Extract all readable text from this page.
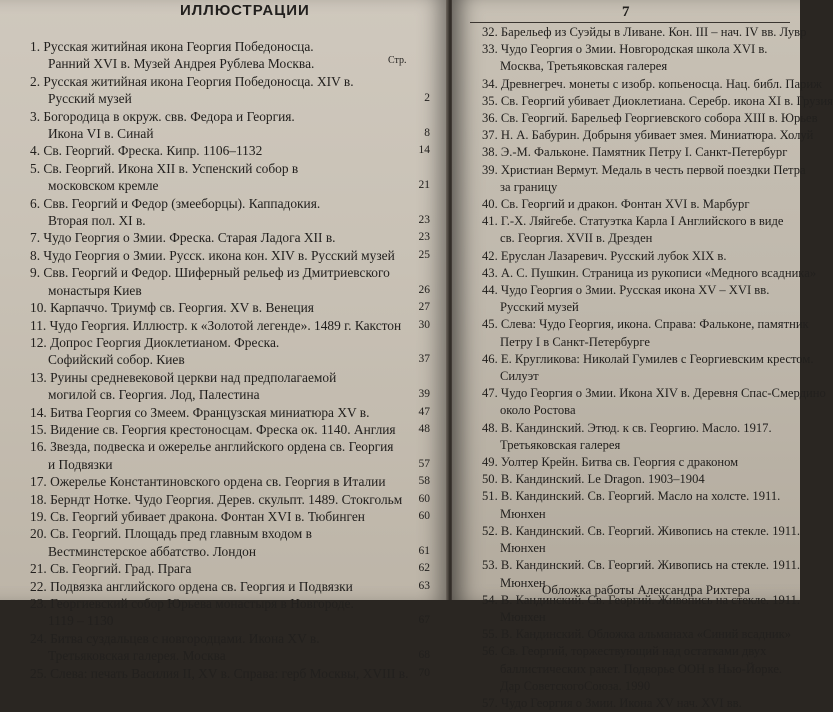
ИЛЛЮСТРАЦИИ
Стр.
1. Русская житийная икона Георгия Победоносца.
Ранний XVI в. Музей Андрея Рублева Москва.
2. Русская житийная икона Георгия Победоносца. XIV в.
Русский музей	2
3. Богородица в окруж. свв. Федора и Георгия.
Икона VI в. Синай	8
4. Св. Георгий. Фреска. Кипр. 1106–1132	14
5. Св. Георгий. Икона XII в. Успенский собор в
московском кремле	21
6. Свв. Георгий и Федор (змееборцы). Каппадокия.
Вторая пол. XI в.	23
7. Чудо Георгия о Змии. Фреска. Старая Ладога XII в.	23
8. Чудо Георгия о Змии. Русск. икона кон. XIV в. Русский музей	25
9. Свв. Георгий и Федор. Шиферный рельеф из Дмитриевского
монастыря Киев	26
10. Карпаччо. Триумф св. Георгия. XV в. Венеция	27
11. Чудо Георгия. Иллюстр. к «Золотой легенде». 1489 г. Какстон	30
12. Допрос Георгия Диоклетианом. Фреска.
Софийский собор. Киев	37
13. Руины средневековой церкви над предполагаемой
могилой св. Георгия. Лод, Палестина	39
14. Битва Георгия со Змеем. Французская миниатюра XV в.	47
15. Видение св. Георгия крестоносцам. Фреска ок. 1140. Англия	48
16. Звезда, подвеска и ожерелье английского ордена св. Георгия
и Подвязки	57
17. Ожерелье Константиновского ордена св. Георгия в Италии	58
18. Берндт Нотке. Чудо Георгия. Дерев. скульпт. 1489. Стокгольм	60
19. Св. Георгий убивает дракона. Фонтан XVI в. Тюбинген	60
20. Св. Георгий. Площадь пред главным входом в
Вестминстерское аббатство. Лондон	61
21. Св. Георгий. Град. Прага	62
22. Подвязка английского ордена св. Георгия и Подвязки	63
23. Георгиевский собор Юрьева монастыря в Новгороде.
1119 – 1130	67
24. Битва суздальцев с новгородцами. Икона XV в.
Третьяковская галерея. Москва	68
25. Слева: печать Василия II, XV в. Справа: герб Москвы, XVIII в. 70
7
32. Барельеф из Суэйды в Ливане. Кон. III – нач. IV вв. Лувр
33. Чудо Георгия о Змии. Новгородская школа XVI в.
Москва, Третьяковская галерея
34. Древнегреч. монеты с изобр. копьеносца. Нац. библ. Париж
35. Св. Георгий убивает Диоклетиана. Серебр. икона XI в. Грузия
36. Св. Георгий. Барельеф Георгиевского собора XIII в. Юрьев
37. Н. А. Бабурин. Добрыня убивает змея. Миниатюра. Холуй
38. Э.-М. Фальконе. Памятник Петру I. Санкт-Петербург
39. Христиан Вермут. Медаль в честь первой поездки Петра
за границу
40. Св. Георгий и дракон. Фонтан XVI в. Марбург
41. Г.-Х. Ляйгебе. Статуэтка Карла I Английского в виде
св. Георгия. XVII в. Дрезден
42. Еруслан Лазаревич. Русский лубок XIX в.
43. А. С. Пушкин. Страница из рукописи «Медного всадника»
44. Чудо Георгия о Змии. Русская икона XV – XVI вв.
Русский музей
45. Слева: Чудо Георгия, икона. Справа: Фальконе, памятник
Петру I в Санкт-Петербурге
46. Е. Кругликова: Николай Гумилев с Георгиевским крестом.
Силуэт
47. Чудо Георгия о Змии. Икона XIV в. Деревня Спас-Смердино
около Ростова
48. В. Кандинский. Этюд. к св. Георгию. Масло. 1917.
Третьяковская галерея
49. Уолтер Крейн. Битва св. Георгия с драконом
50. В. Кандинский. Le Dragon. 1903–1904
51. В. Кандинский. Св. Георгий. Масло на холсте. 1911.
Мюнхен
52. В. Кандинский. Св. Георгий. Живопись на стекле. 1911.
Мюнхен
53. В. Кандинский. Св. Георгий. Живопись на стекле. 1911.
Мюнхен
54. В. Кандинский. Св. Георгий. Живопись на стекле. 1911.
Мюнхен
55. В. Кандинский. Обложка альманаха «Синий всадник»
56. Св. Георгий, торжествующий над остатками двух
баллистических ракет. Подворье ООН в Нью-Йорке.
Дар СоветскогоСоюза. 1990
57. Чудо Георгия о Змии. Икона XV нач. XVI вв.
Обложка работы Александра Рихтера
